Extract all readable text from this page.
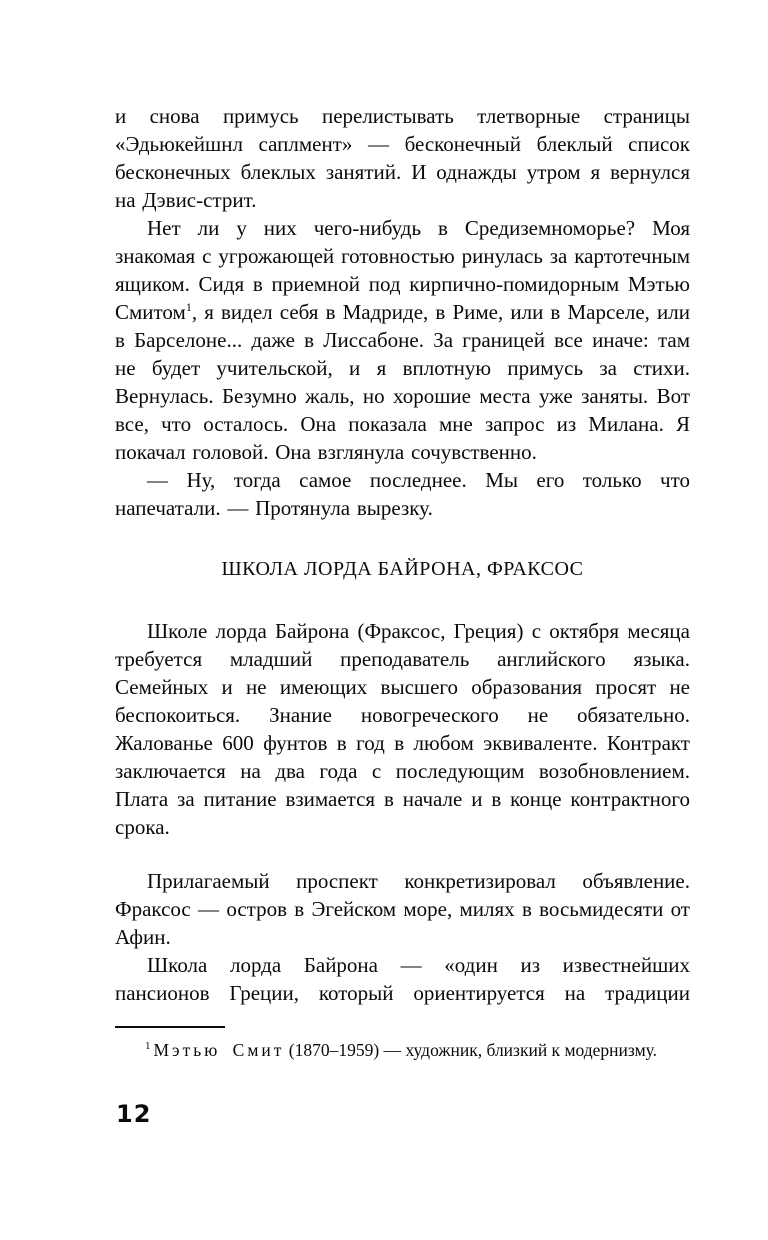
и снова примусь перелистывать тлетворные страницы «Эдьюкейшнл саплмент» — бесконечный блеклый список бесконечных блеклых занятий. И однажды утром я вернулся на Дэвис-стрит.

Нет ли у них чего-нибудь в Средиземноморье? Моя знакомая с угрожающей готовностью ринулась за картотечным ящиком. Сидя в приемной под кирпично-помидорным Мэтью Смитом$^1$, я видел себя в Мадриде, в Риме, или в Марселе, или в Барселоне... даже в Лиссабоне. За границей все иначе: там не будет учительской, и я вплотную примусь за стихи. Вернулась. Безумно жаль, но хорошие места уже заняты. Вот все, что осталось. Она показала мне запрос из Милана. Я покачал головой. Она взглянула сочувственно.

— Ну, тогда самое последнее. Мы его только что напечатали. — Протянула вырезку.

ШКОЛА ЛОРДА БАЙРОНА, ФРАКСОС

Школе лорда Байрона (Фраксос, Греция) с октября месяца требуется младший преподаватель английского языка. Семейных и не имеющих высшего образования просят не беспокоиться. Знание новогреческого не обязательно. Жалованье 600 фунтов в год в любом эквиваленте. Контракт заключается на два года с последующим возобновлением. Плата за питание взимается в начале и в конце контрактного срока.

Прилагаемый проспект конкретизировал объявление. Фраксос — остров в Эгейском море, милях в восьмидесяти от Афин.

Школа лорда Байрона — «один из известнейших пансионов Греции, который ориентируется на традиции

$^1$ Мэтью Смит (1870–1959) — художник, близкий к модернизму.

12
